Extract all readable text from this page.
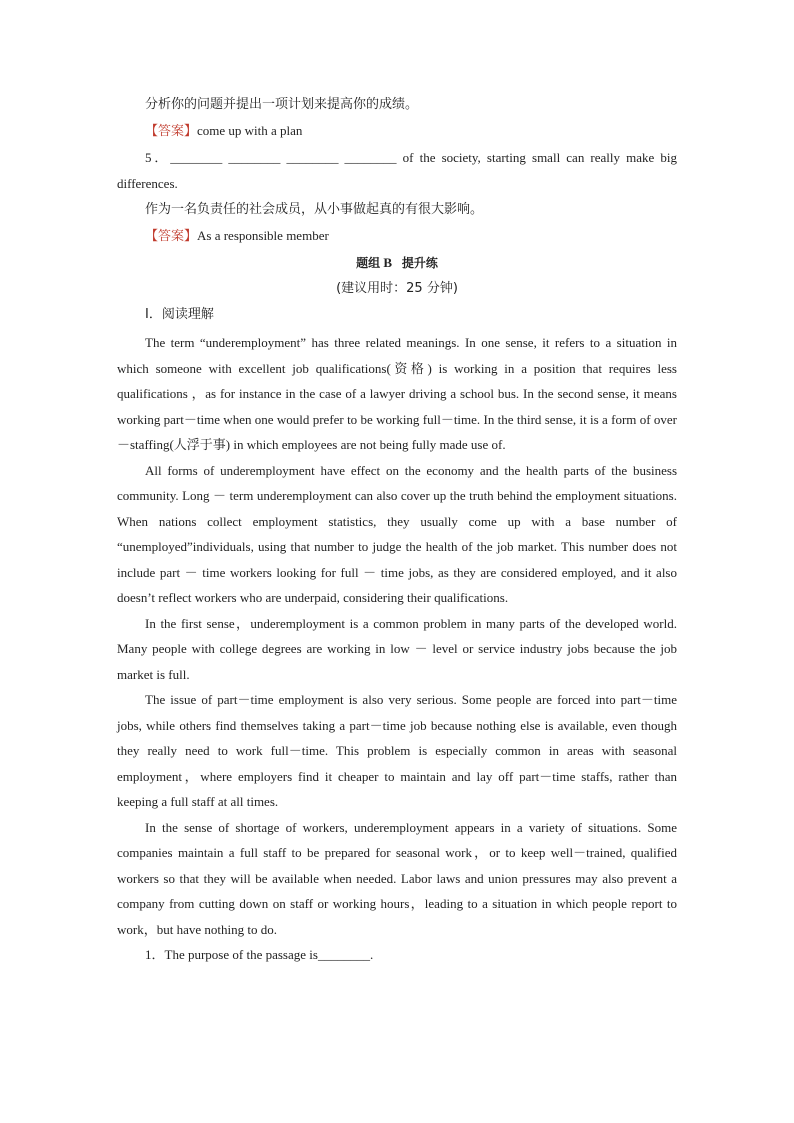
分析你的问题并提出一项计划来提高你的成绩。

【答案】come up with a plan

5．________ ________ ________ ________ of the society, starting small can really make big

differences.

作为一名负责任的社会成员，从小事做起真的有很大影响。

【答案】As a responsible member

题组 B 提升练

(建议用时：25 分钟)

Ⅰ．阅读理解

The term “underemployment” has three related meanings. In one sense, it refers to a situation in which someone with excellent job qualifications(资格) is working in a position that requires less qualifications ，as for instance in the case of a lawyer driving a school bus. In the second sense, it means working part－time when one would prefer to be working full－time. In the third sense, it is a form of over－staffing(人浮于事) in which employees are not being fully made use of.

All forms of underemployment have effect on the economy and the health parts of the business community. Long － term underemployment can also cover up the truth behind the employment situations. When nations collect employment statistics, they usually come up with a base number of “unemployed”individuals, using that number to judge the health of the job market. This number does not include part － time workers looking for full － time jobs, as they are considered employed, and it also doesn’t reflect workers who are underpaid, considering their qualifications.

In the first sense，underemployment is a common problem in many parts of the developed world. Many people with college degrees are working in low － level or service industry jobs because the job market is full.

The issue of part－time employment is also very serious. Some people are forced into part－time jobs, while others find themselves taking a part－time job because nothing else is available, even though they really need to work full－time. This problem is especially common in areas with seasonal employment，where employers find it cheaper to maintain and lay off part－time staffs, rather than keeping a full staff at all times.

In the sense of shortage of workers, underemployment appears in a variety of situations. Some companies maintain a full staff to be prepared for seasonal work，or to keep well－trained, qualified workers so that they will be available when needed. Labor laws and union pressures may also prevent a company from cutting down on staff or working hours，leading to a situation in which people report to work，but have nothing to do.

1．The purpose of the passage is________.
